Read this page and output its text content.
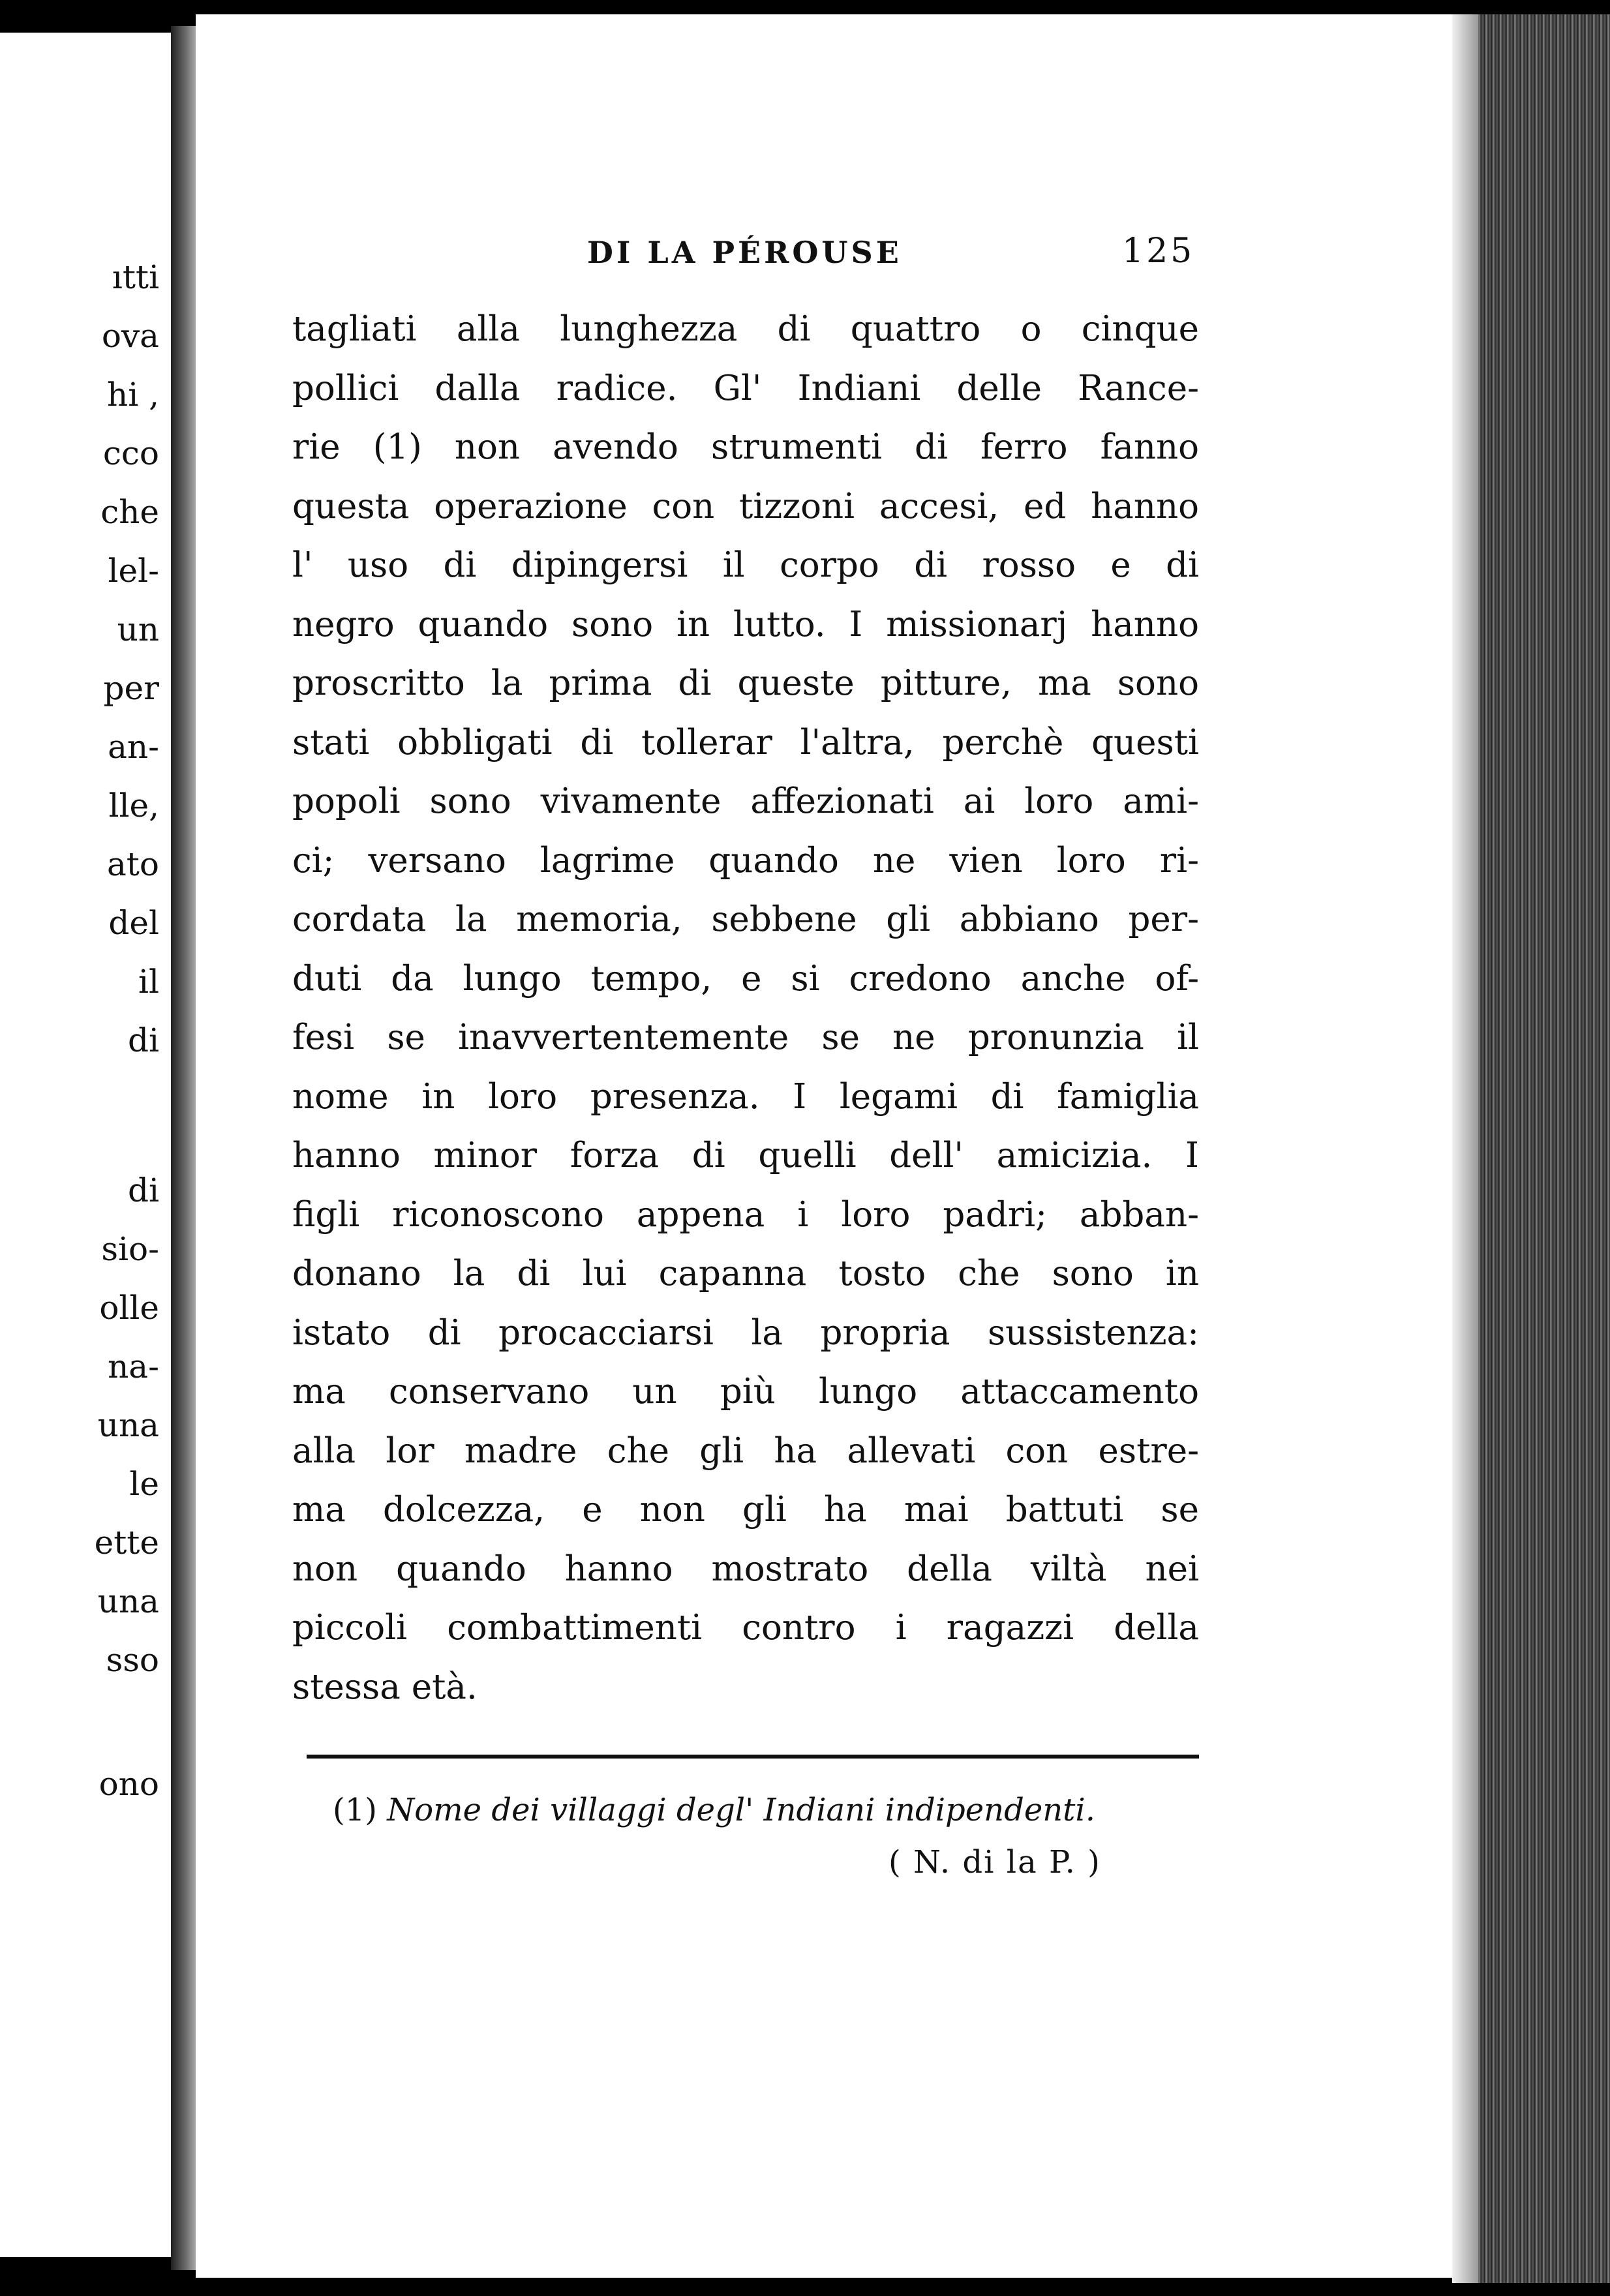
ıtti
ova
hi ,
cco
che
lel-
un
per
an-
lle,
ato
del
il
di
di
sio-
olle
na-
una
le
ette
una
sso
ono
DI LA PÉROUSE	125
tagliati alla lunghezza di quattro o cinque
pollici dalla radice. Gl' Indiani delle Rance-
rie (1) non avendo strumenti di ferro fanno
questa operazione con tizzoni accesi, ed hanno
l' uso di dipingersi il corpo di rosso e di
negro quando sono in lutto. I missionarj hanno
proscritto la prima di queste pitture, ma sono
stati obbligati di tollerar l'altra, perchè questi
popoli sono vivamente affezionati ai loro ami-
ci; versano lagrime quando ne vien loro ri-
cordata la memoria, sebbene gli abbiano per-
duti da lungo tempo, e si credono anche of-
fesi se inavvertentemente se ne pronunzia il
nome in loro presenza. I legami di famiglia
hanno minor forza di quelli dell' amicizia. I
figli riconoscono appena i loro padri; abban-
donano la di lui capanna tosto che sono in
istato di procacciarsi la propria sussistenza:
ma conservano un più lungo attaccamento
alla lor madre che gli ha allevati con estre-
ma dolcezza, e non gli ha mai battuti se
non quando hanno mostrato della viltà nei
piccoli combattimenti contro i ragazzi della
stessa età.
(1) Nome dei villaggi degl' Indiani indipendenti.
( N. di la P. )
